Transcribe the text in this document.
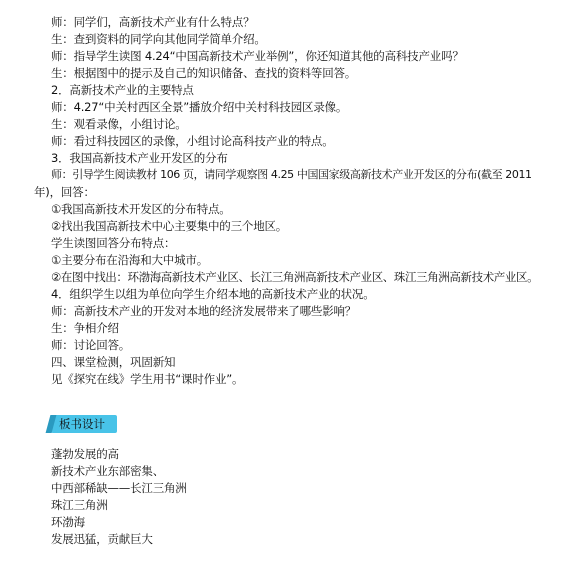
师：同学们，高新技术产业有什么特点？
生：查到资料的同学向其他同学简单介绍。
师：指导学生读图 4.24“中国高新技术产业举例”，你还知道其他的高科技产业吗？
生：根据图中的提示及自己的知识储备、查找的资料等回答。
2．高新技术产业的主要特点
师：4.27“中关村西区全景”播放介绍中关村科技园区录像。
生：观看录像，小组讨论。
师：看过科技园区的录像，小组讨论高科技产业的特点。
3．我国高新技术产业开发区的分布
师：引导学生阅读教材 106 页，请同学观察图 4.25 中国国家级高新技术产业开发区的分布(截至 2011
年)，回答：
①我国高新技术开发区的分布特点。
②找出我国高新技术中心主要集中的三个地区。
学生读图回答分布特点：
①主要分布在沿海和大中城市。
②在图中找出：环渤海高新技术产业区、长江三角洲高新技术产业区、珠江三角洲高新技术产业区。
4．组织学生以组为单位向学生介绍本地的高新技术产业的状况。
师：高新技术产业的开发对本地的经济发展带来了哪些影响？
生：争相介绍
师：讨论回答。
四、课堂检测，巩固新知
见《探究在线》学生用书“课时作业”。
板书设计
蓬勃发展的高
新技术产业东部密集、
中西部稀缺——长江三角洲
珠江三角洲
环渤海
发展迅猛，贡献巨大
